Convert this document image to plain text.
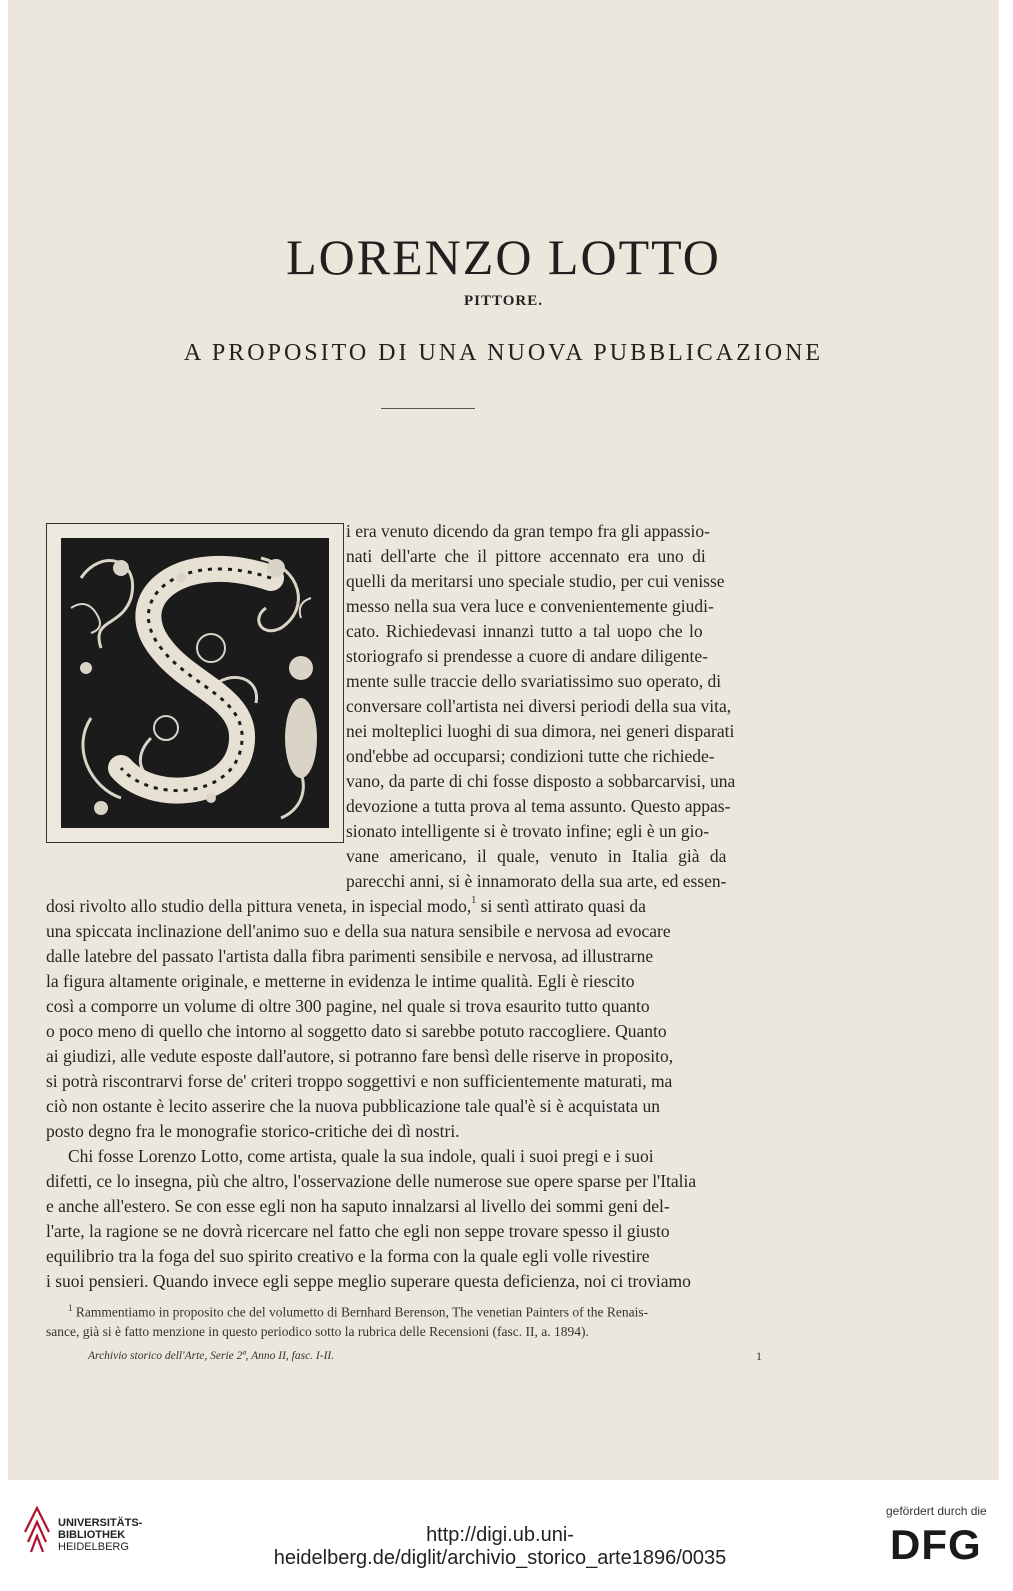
LORENZO LOTTO
PITTORE.
A PROPOSITO DI UNA NUOVA PUBBLICAZIONE
i era venuto dicendo da gran tempo fra gli appassio-
nati dell'arte che il pittore accennato era uno di
quelli da meritarsi uno speciale studio, per cui venisse
messo nella sua vera luce e convenientemente giudi-
cato. Richiedevasi innanzi tutto a tal uopo che lo
storiografo si prendesse a cuore di andare diligente-
mente sulle traccie dello svariatissimo suo operato, di
conversare coll'artista nei diversi periodi della sua vita,
nei molteplici luoghi di sua dimora, nei generi disparati
ond'ebbe ad occuparsi; condizioni tutte che richiede-
vano, da parte di chi fosse disposto a sobbarcarvisi, una
devozione a tutta prova al tema assunto. Questo appas-
sionato intelligente si è trovato infine; egli è un gio-
vane americano, il quale, venuto in Italia già da
parecchi anni, si è innamorato della sua arte, ed essen-
dosi rivolto allo studio della pittura veneta, in ispecial modo,$^1$ si sentì attirato quasi da
una spiccata inclinazione dell'animo suo e della sua natura sensibile e nervosa ad evocare
dalle latebre del passato l'artista dalla fibra parimenti sensibile e nervosa, ad illustrarne
la figura altamente originale, e metterne in evidenza le intime qualità. Egli è riescito
così a comporre un volume di oltre 300 pagine, nel quale si trova esaurito tutto quanto
o poco meno di quello che intorno al soggetto dato si sarebbe potuto raccogliere. Quanto
ai giudizi, alle vedute esposte dall'autore, si potranno fare bensì delle riserve in proposito,
si potrà riscontrarvi forse de' criteri troppo soggettivi e non sufficientemente maturati, ma
ciò non ostante è lecito asserire che la nuova pubblicazione tale qual'è si è acquistata un
posto degno fra le monografie storico-critiche dei dì nostri.
Chi fosse Lorenzo Lotto, come artista, quale la sua indole, quali i suoi pregi e i suoi
difetti, ce lo insegna, più che altro, l'osservazione delle numerose sue opere sparse per l'Italia
e anche all'estero. Se con esse egli non ha saputo innalzarsi al livello dei sommi geni del-
l'arte, la ragione se ne dovrà ricercare nel fatto che egli non seppe trovare spesso il giusto
equilibrio tra la foga del suo spirito creativo e la forma con la quale egli volle rivestire
i suoi pensieri. Quando invece egli seppe meglio superare questa deficienza, noi ci troviamo
$^1$ Rammentiamo in proposito che del volumetto di Bernhard Berenson, The venetian Painters of the Renais-
sance, già si è fatto menzione in questo periodico sotto la rubrica delle Recensioni (fasc. II, a. 1894).
Archivio storico dell'Arte, Serie 2ª, Anno II, fasc. I-II.	1
UNIVERSITÄTS-
BIBLIOTHEK
HEIDELBERG
http://digi.ub.uni-heidelberg.de/diglit/archivio_storico_arte1896/0035
gefördert durch die
DFG
